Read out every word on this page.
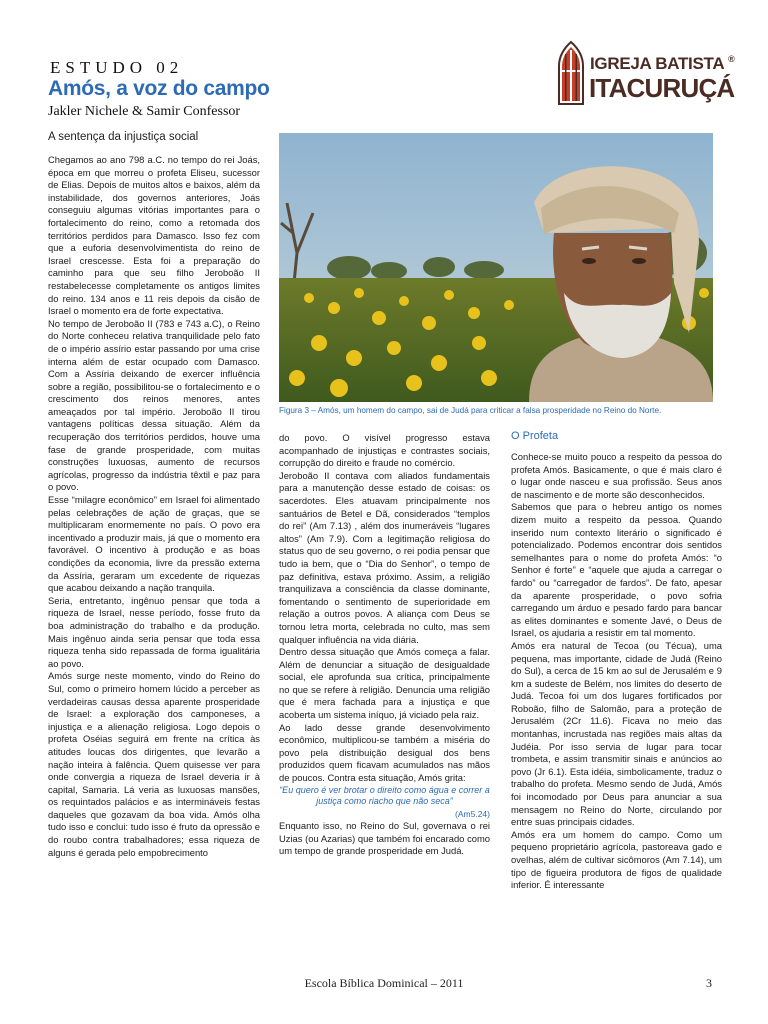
ESTUDO 02
Amós, a voz do campo
Jakler Nichele & Samir Confessor
IGREJA BATISTA ®
ITACURUÇÁ
A sentença da injustiça social

Chegamos ao ano 798 a.C. no tempo do rei Joás, época em que morreu o profeta Eliseu, sucessor de Elias. Depois de muitos altos e baixos, além da instabilidade, dos governos anteriores, Joás conseguiu algumas vitórias importantes para o fortalecimento do reino, como a retomada dos territórios perdidos para Damasco. Isso fez com que a euforia desenvolvimentista do reino de Israel crescesse. Esta foi a preparação do caminho para que seu filho Jeroboão II restabelecesse completamente os antigos limites do reino. 134 anos e 11 reis depois da cisão de Israel o momento era de forte expectativa.

No tempo de Jeroboão II (783 e 743 a.C), o Reino do Norte conheceu relativa tranquilidade pelo fato de o império assírio estar passando por uma crise interna além de estar ocupado com Damasco. Com a Assíria deixando de exercer influência sobre a região, possibilitou-se o fortalecimento e o crescimento dos reinos menores, antes ameaçados por tal império. Jeroboão II tirou vantagens políticas dessa situação. Além da recuperação dos territórios perdidos, houve uma fase de grande prosperidade, com muitas construções luxuosas, aumento de recursos agrícolas, progresso da indústria têxtil e paz para o povo.

Esse “milagre econômico” em Israel foi alimentado pelas celebrações de ação de graças, que se multiplicaram enormemente no país. O povo era incentivado a produzir mais, já que o momento era favorável. O incentivo à produção e as boas condições da economia, livre da pressão externa da Assíria, geraram um excedente de riquezas que acabou deixando a nação tranquila.

Seria, entretanto, ingênuo pensar que toda a riqueza de Israel, nesse período, fosse fruto da boa administração do trabalho e da produção. Mais ingênuo ainda seria pensar que toda essa riqueza tenha sido repassada de forma igualitária ao povo.

Amós surge neste momento, vindo do Reino do Sul, como o primeiro homem lúcido a perceber as verdadeiras causas dessa aparente prosperidade de Israel: a exploração dos camponeses, a injustiça e a alienação religiosa. Logo depois o profeta Oséias seguirá em frente na crítica às atitudes loucas dos dirigentes, que levarão a nação inteira à falência. Quem quisesse ver para onde convergia a riqueza de Israel deveria ir à capital, Samaria. Lá veria as luxuosas mansões, os requintados palácios e as intermináveis festas daqueles que gozavam da boa vida. Amós olha tudo isso e conclui: tudo isso é fruto da opressão e do roubo contra trabalhadores; essa riqueza de alguns é gerada pelo empobrecimento

Figura 3 – Amós, um homem do campo, sai de Judá para criticar a falsa prosperidade no Reino do Norte.

do povo. O visível progresso estava acompanhado de injustiças e contrastes sociais, corrupção do direito e fraude no comércio.

Jeroboão II contava com aliados fundamentais para a manutenção desse estado de coisas: os sacerdotes. Eles atuavam principalmente nos santuários de Betel e Dã, considerados “templos do rei” (Am 7.13) , além dos inumeráveis “lugares altos” (Am 7.9). Com a legitimação religiosa do status quo de seu governo, o rei podia pensar que tudo ia bem, que o “Dia do Senhor”, o tempo de paz definitiva, estava próximo. Assim, a religião tranquilizava a consciência da classe dominante, fomentando o sentimento de superioridade em relação a outros povos. A aliança com Deus se tornou letra morta, celebrada no culto, mas sem qualquer influência na vida diária.

Dentro dessa situação que Amós começa a falar. Além de denunciar a situação de desigualdade social, ele aprofunda sua crítica, principalmente no que se refere à religião. Denuncia uma religião que é mera fachada para a injustiça e que acoberta um sistema iníquo, já viciado pela raiz.

Ao lado desse grande desenvolvimento econômico, multiplicou-se também a miséria do povo pela distribuição desigual dos bens produzidos quem ficavam acumulados nas mãos de poucos. Contra esta situação, Amós grita:

“Eu quero é ver brotar o direito como água e correr a justiça como riacho que não seca”

(Am5.24)

Enquanto isso, no Reino do Sul, governava o rei Uzias (ou Azarias) que também foi encarado como um tempo de grande prosperidade em Judá.

O Profeta

Conhece-se muito pouco a respeito da pessoa do profeta Amós. Basicamente, o que é mais claro é o lugar onde nasceu e sua profissão. Seus anos de nascimento e de morte são desconhecidos.

Sabemos que para o hebreu antigo os nomes dizem muito a respeito da pessoa. Quando inserido num contexto literário o significado é potencializado. Podemos encontrar dois sentidos semelhantes para o nome do profeta Amós: “o Senhor é forte” e “aquele que ajuda a carregar o fardo” ou “carregador de fardos”. De fato, apesar da aparente prosperidade, o povo sofria carregando um árduo e pesado fardo para bancar as elites dominantes e somente Javé, o Deus de Israel, os ajudaria a resistir em tal momento.

Amós era natural de Tecoa (ou Técua), uma pequena, mas importante, cidade de Judá (Reino do Sul), a cerca de 15 km ao sul de Jerusalém e 9 km a sudeste de Belém, nos limites do deserto de Judá. Tecoa foi um dos lugares fortificados por Roboão, filho de Salomão, para a proteção de Jerusalém (2Cr 11.6). Ficava no meio das montanhas, incrustada nas regiões mais altas da Judéia. Por isso servia de lugar para tocar trombeta, e assim transmitir sinais e anúncios ao povo (Jr 6.1). Esta idéia, simbolicamente, traduz o trabalho do profeta. Mesmo sendo de Judá, Amós foi incomodado por Deus para anunciar a sua mensagem no Reino do Norte, circulando por entre suas principais cidades.

Amós era um homem do campo. Como um pequeno proprietário agrícola, pastoreava gado e ovelhas, além de cultivar sicômoros (Am 7.14), um tipo de figueira produtora de figos de qualidade inferior. É interessante

Escola Bíblica Dominical – 2011	3
